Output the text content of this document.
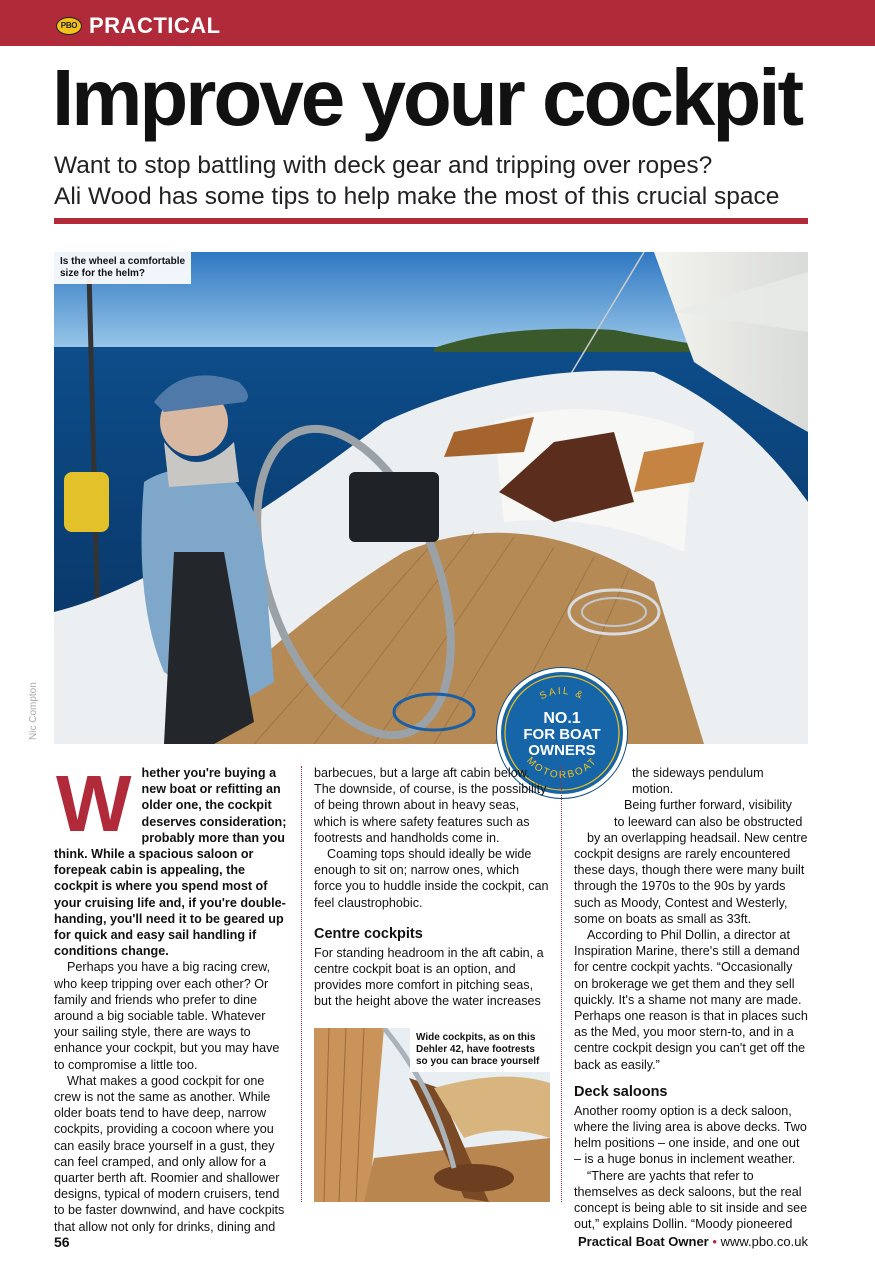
PBO PRACTICAL
Improve your cockpit
Want to stop battling with deck gear and tripping over ropes?
Ali Wood has some tips to help make the most of this crucial space
Is the wheel a comfortable
size for the helm?
Nic Compton	SAIL &
MOTORBOAT
NO.1
FOR BOAT
OWNERS
W hether you're buying a new boat or refitting an older one, the cockpit deserves consideration; probably more than you think. While a spacious saloon or forepeak cabin is appealing, the cockpit is where you spend most of your cruising life and, if you're double-handing, you'll need it to be geared up for quick and easy sail handling if conditions change.

Perhaps you have a big racing crew, who keep tripping over each other? Or family and friends who prefer to dine around a big sociable table. Whatever your sailing style, there are ways to enhance your cockpit, but you may have to compromise a little too.

What makes a good cockpit for one crew is not the same as another. While older boats tend to have deep, narrow cockpits, providing a cocoon where you can easily brace yourself in a gust, they can feel cramped, and only allow for a quarter berth aft. Roomier and shallower designs, typical of modern cruisers, tend to be faster downwind, and have cockpits that allow not only for drinks, dining and

barbecues, but a large aft cabin below. The downside, of course, is the possibility of being thrown about in heavy seas, which is where safety features such as footrests and handholds come in.

Coaming tops should ideally be wide enough to sit on; narrow ones, which force you to huddle inside the cockpit, can feel claustrophobic.

Centre cockpits

For standing headroom in the aft cabin, a centre cockpit boat is an option, and provides more comfort in pitching seas, but the height above the water increases

Wide cockpits, as on this
Dehler 42, have footrests
so you can brace yourself
the sideways pendulum motion.
Being further forward, visibility
to leeward can also be obstructed

by an overlapping headsail. New centre cockpit designs are rarely encountered these days, though there were many built through the 1970s to the 90s by yards such as Moody, Contest and Westerly, some on boats as small as 33ft.

According to Phil Dollin, a director at Inspiration Marine, there's still a demand for centre cockpit yachts. “Occasionally on brokerage we get them and they sell quickly. It's a shame not many are made. Perhaps one reason is that in places such as the Med, you moor stern-to, and in a centre cockpit design you can't get off the back as easily.”

Deck saloons

Another roomy option is a deck saloon, where the living area is above decks. Two helm positions – one inside, and one out – is a huge bonus in inclement weather.

“There are yachts that refer to themselves as deck saloons, but the real concept is being able to sit inside and see out,” explains Dollin. “Moody pioneered

56	Practical Boat Owner • www.pbo.co.uk
